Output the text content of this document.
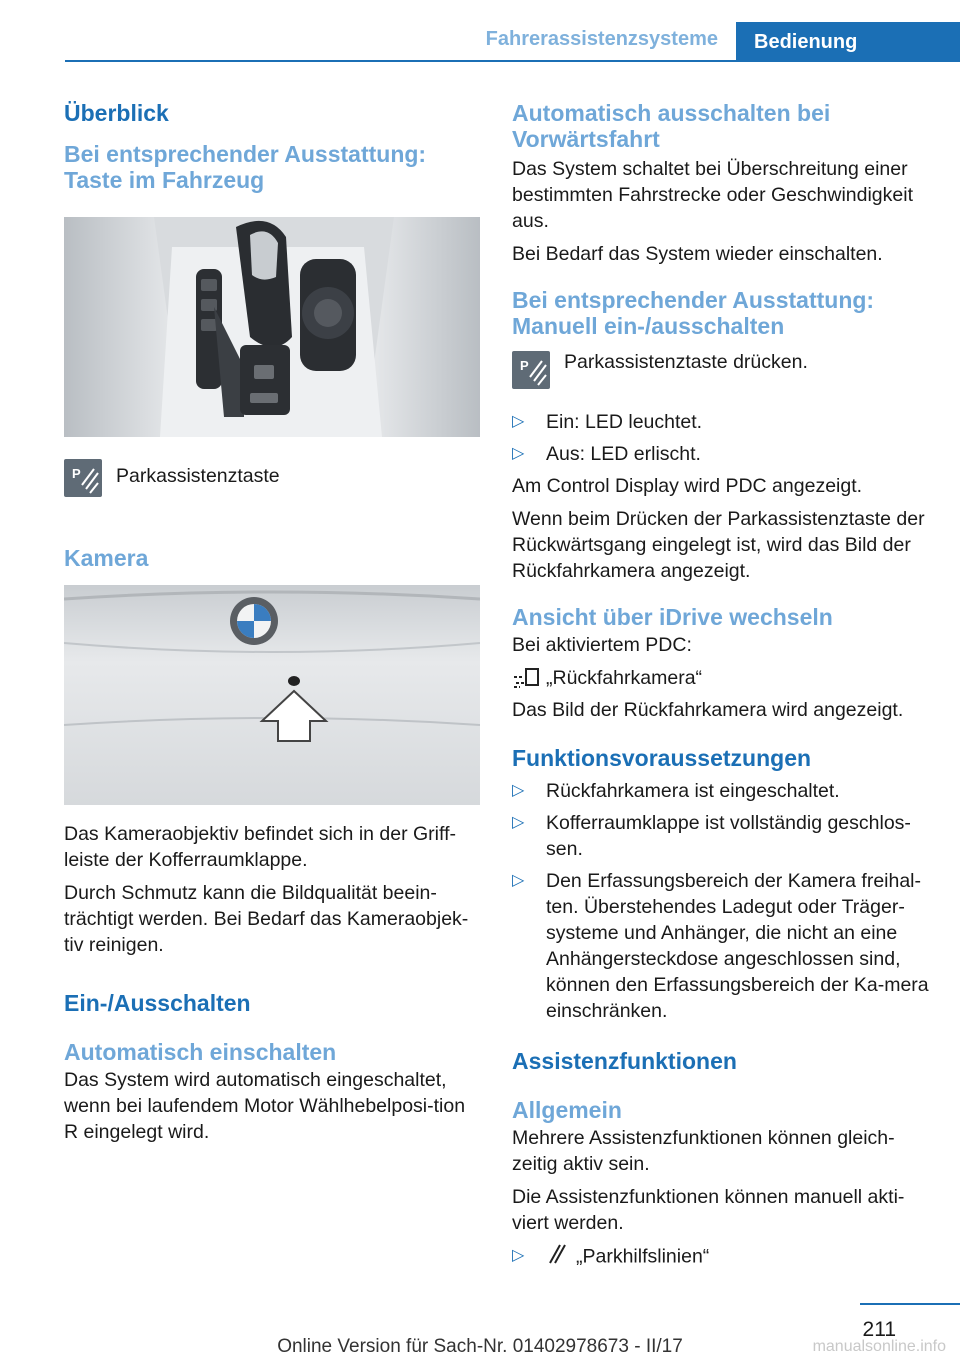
Fahrerassistenzsysteme	Bedienung
Überblick
Bei entsprechender Ausstattung: Taste im Fahrzeug
P Parkassistenztaste

Kamera

Das Kameraobjektiv befindet sich in der Griff‐leiste der Kofferraumklappe.

Durch Schmutz kann die Bildqualität beein‐trächtigt werden. Bei Bedarf das Kameraobjek‐tiv reinigen.

Ein-/Ausschalten
Automatisch einschalten

Das System wird automatisch eingeschaltet, wenn bei laufendem Motor Wählhebelposi‐tion R eingelegt wird.

Automatisch ausschalten bei Vorwärtsfahrt

Das System schaltet bei Überschreitung einer bestimmten Fahrstrecke oder Geschwindigkeit aus.

Bei Bedarf das System wieder einschalten.

Bei entsprechender Ausstattung: Manuell ein-/ausschalten
P Parkassistenztaste drücken.

▷ Ein: LED leuchtet.
▷ Aus: LED erlischt.

Am Control Display wird PDC angezeigt.

Wenn beim Drücken der Parkassistenztaste der Rückwärtsgang eingelegt ist, wird das Bild der Rückfahrkamera angezeigt.

Ansicht über iDrive wechseln

Bei aktiviertem PDC:

„Rückfahrkamera“

Das Bild der Rückfahrkamera wird angezeigt.

Funktionsvoraussetzungen
▷ Rückfahrkamera ist eingeschaltet.
▷ Kofferraumklappe ist vollständig geschlos‐sen.
▷ Den Erfassungsbereich der Kamera freihal‐ten. Überstehendes Ladegut oder Träger‐systeme und Anhänger, die nicht an eine Anhängersteckdose angeschlossen sind, können den Erfassungsbereich der Ka‐mera einschränken.
Assistenzfunktionen
Allgemein

Mehrere Assistenzfunktionen können gleich‐zeitig aktiv sein.

Die Assistenzfunktionen können manuell akti‐viert werden.

▷	„Parkhilfslinien“
211
Online Version für Sach-Nr. 01402978673 - II/17	manualsonline.info
